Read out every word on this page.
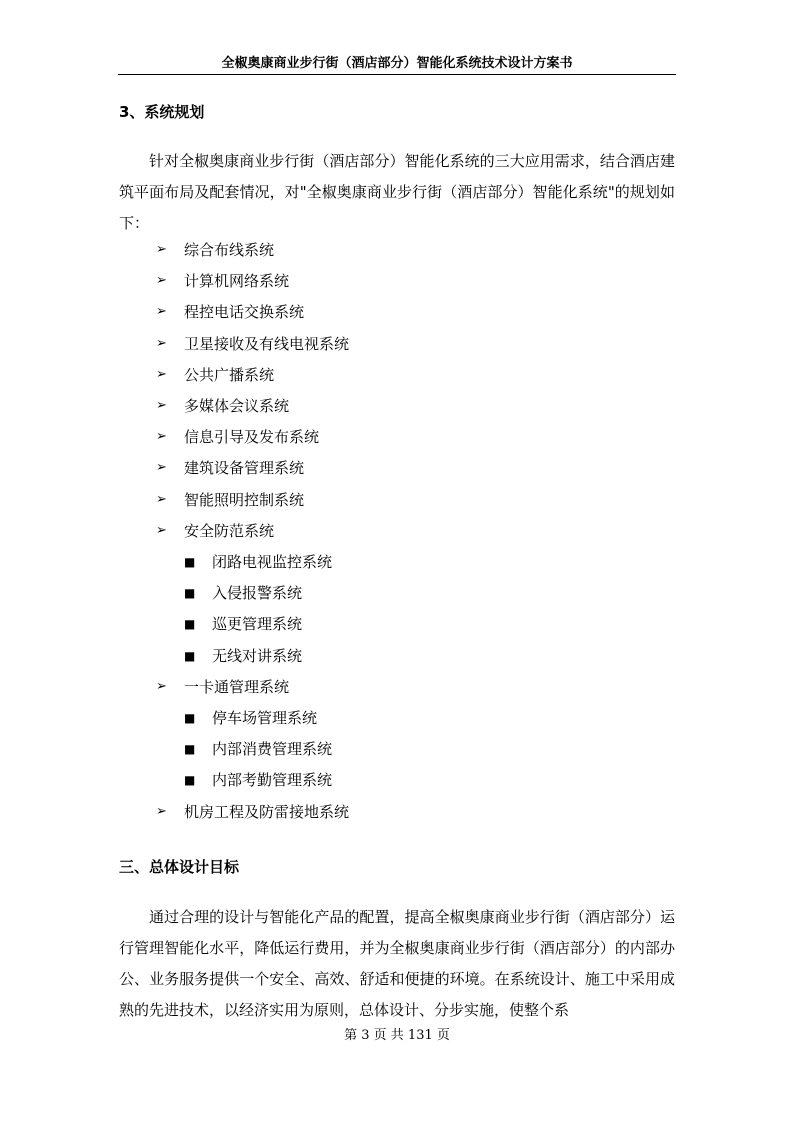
全椒奥康商业步行街（酒店部分）智能化系统技术设计方案书
3、系统规划

针对全椒奥康商业步行街（酒店部分）智能化系统的三大应用需求，结合酒店建筑平面布局及配套情况，对"全椒奥康商业步行街（酒店部分）智能化系统"的规划如下：

➢ 综合布线系统
➢ 计算机网络系统
➢ 程控电话交换系统
➢ 卫星接收及有线电视系统
➢ 公共广播系统
➢ 多媒体会议系统
➢ 信息引导及发布系统
➢ 建筑设备管理系统
➢ 智能照明控制系统
➢ 安全防范系统
■ 闭路电视监控系统
■ 入侵报警系统
■ 巡更管理系统
■ 无线对讲系统
➢ 一卡通管理系统
■ 停车场管理系统
■ 内部消费管理系统
■ 内部考勤管理系统
➢ 机房工程及防雷接地系统
三、总体设计目标

通过合理的设计与智能化产品的配置，提高全椒奥康商业步行街（酒店部分）运行管理智能化水平，降低运行费用，并为全椒奥康商业步行街（酒店部分）的内部办公、业务服务提供一个安全、高效、舒适和便捷的环境。在系统设计、施工中采用成熟的先进技术，以经济实用为原则，总体设计、分步实施，使整个系

第 3 页 共 131 页
